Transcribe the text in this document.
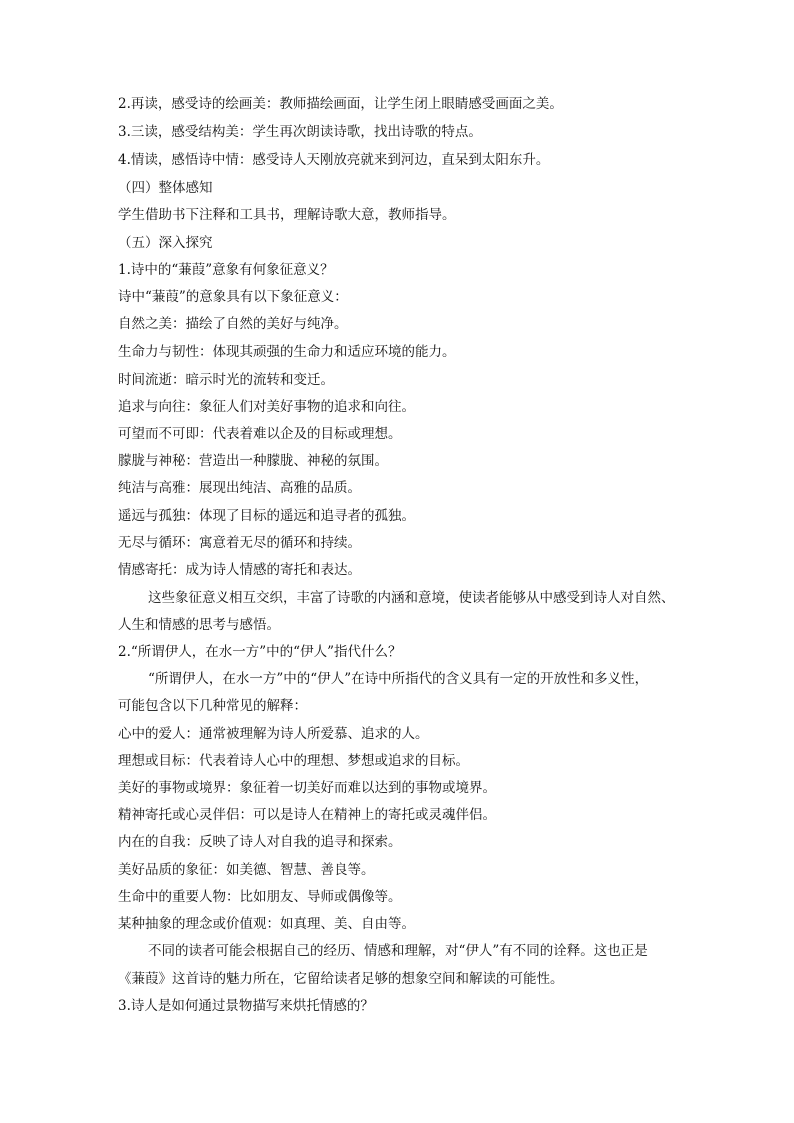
2.再读，感受诗的绘画美：教师描绘画面，让学生闭上眼睛感受画面之美。
3.三读，感受结构美：学生再次朗读诗歌，找出诗歌的特点。
4.情读，感悟诗中情：感受诗人天刚放亮就来到河边，直呆到太阳东升。
（四）整体感知
学生借助书下注释和工具书，理解诗歌大意，教师指导。
（五）深入探究
1.诗中的“蒹葭”意象有何象征意义？
诗中“蒹葭”的意象具有以下象征意义：
自然之美：描绘了自然的美好与纯净。
生命力与韧性：体现其顽强的生命力和适应环境的能力。
时间流逝：暗示时光的流转和变迁。
追求与向往：象征人们对美好事物的追求和向往。
可望而不可即：代表着难以企及的目标或理想。
朦胧与神秘：营造出一种朦胧、神秘的氛围。
纯洁与高雅：展现出纯洁、高雅的品质。
遥远与孤独：体现了目标的遥远和追寻者的孤独。
无尽与循环：寓意着无尽的循环和持续。
情感寄托：成为诗人情感的寄托和表达。
这些象征意义相互交织，丰富了诗歌的内涵和意境，使读者能够从中感受到诗人对自然、
人生和情感的思考与感悟。
2.“所谓伊人，在水一方”中的“伊人”指代什么？
“所谓伊人，在水一方”中的“伊人”在诗中所指代的含义具有一定的开放性和多义性，
可能包含以下几种常见的解释：
心中的爱人：通常被理解为诗人所爱慕、追求的人。
理想或目标：代表着诗人心中的理想、梦想或追求的目标。
美好的事物或境界：象征着一切美好而难以达到的事物或境界。
精神寄托或心灵伴侣：可以是诗人在精神上的寄托或灵魂伴侣。
内在的自我：反映了诗人对自我的追寻和探索。
美好品质的象征：如美德、智慧、善良等。
生命中的重要人物：比如朋友、导师或偶像等。
某种抽象的理念或价值观：如真理、美、自由等。
不同的读者可能会根据自己的经历、情感和理解，对“伊人”有不同的诠释。这也正是
《蒹葭》这首诗的魅力所在，它留给读者足够的想象空间和解读的可能性。
3.诗人是如何通过景物描写来烘托情感的？
